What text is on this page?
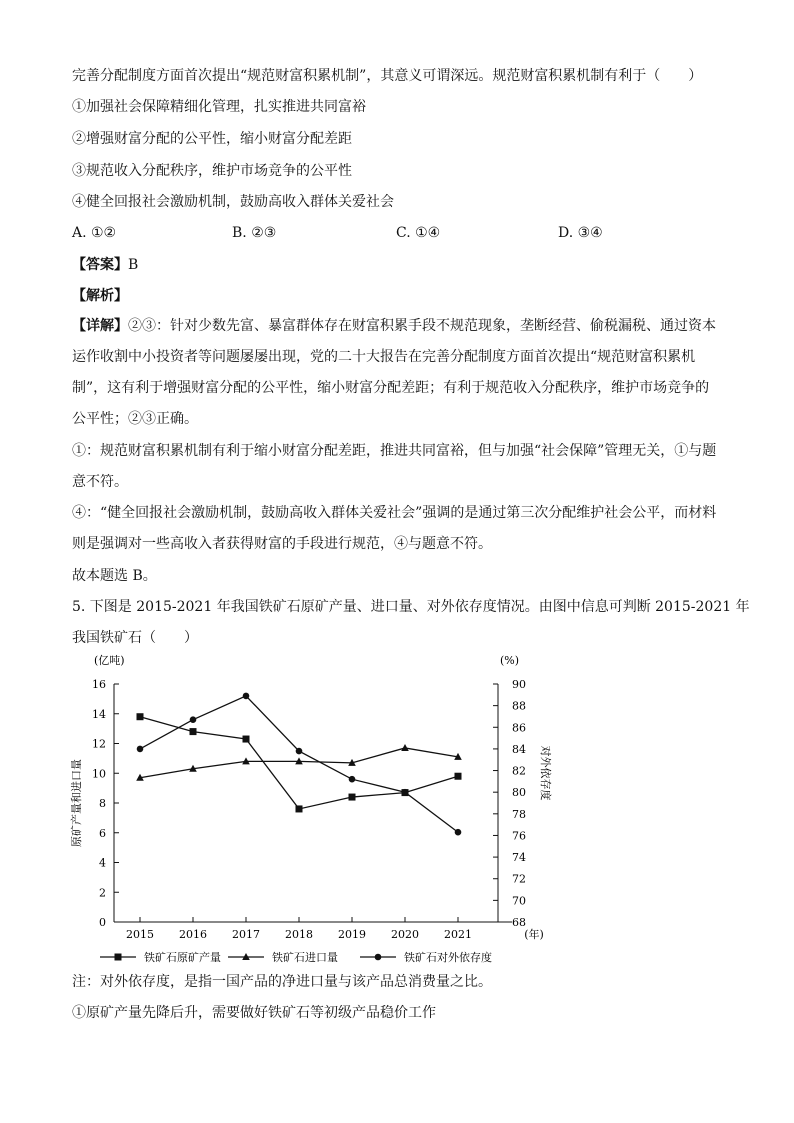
完善分配制度方面首次提出“规范财富积累机制”，其意义可谓深远。规范财富积累机制有利于（　　）
①加强社会保障精细化管理，扎实推进共同富裕
②增强财富分配的公平性，缩小财富分配差距
③规范收入分配秩序，维护市场竞争的公平性
④健全回报社会激励机制，鼓励高收入群体关爱社会
A. ①②	B. ②③	C. ①④	D. ③④
【答案】B
【解析】
【详解】②③：针对少数先富、暴富群体存在财富积累手段不规范现象，垄断经营、偷税漏税、通过资本
运作收割中小投资者等问题屡屡出现，党的二十大报告在完善分配制度方面首次提出“规范财富积累机
制”，这有利于增强财富分配的公平性，缩小财富分配差距；有利于规范收入分配秩序，维护市场竞争的
公平性；②③正确。
①：规范财富积累机制有利于缩小财富分配差距，推进共同富裕，但与加强“社会保障”管理无关，①与题
意不符。
④：“健全回报社会激励机制，鼓励高收入群体关爱社会”强调的是通过第三次分配维护社会公平，而材料
则是强调对一些高收入者获得财富的手段进行规范，④与题意不符。
故本题选 B。
5. 下图是 2015-2021 年我国铁矿石原矿产量、进口量、对外依存度情况。由图中信息可判断 2015-2021 年
我国铁矿石（　　）
0
2
4
6
8
10
12
14
16
68
70
72
74
76
78
80
82
84
86
88
90
2015 2016 2017 2018 2019 2020 2021	(年)
(亿吨)	(%)
原矿产量和进口量	对外依存度
铁矿石原矿产量	铁矿石进口量	铁矿石对外依存度
注：对外依存度，是指一国产品的净进口量与该产品总消费量之比。
①原矿产量先降后升，需要做好铁矿石等初级产品稳价工作
